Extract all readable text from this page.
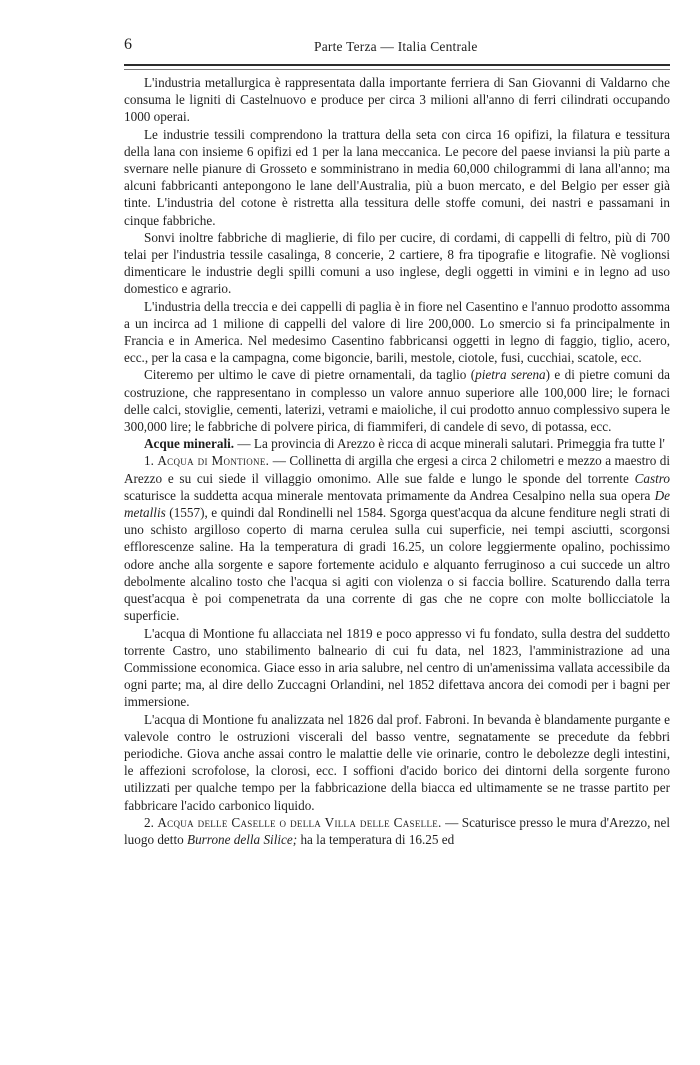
6	Parte Terza — Italia Centrale

L'industria metallurgica è rappresentata dalla importante ferriera di San Giovanni di Valdarno che consuma le ligniti di Castelnuovo e produce per circa 3 milioni all'anno di ferri cilindrati occupando 1000 operai.

Le industrie tessili comprendono la trattura della seta con circa 16 opifizi, la filatura e tessitura della lana con insieme 6 opifizi ed 1 per la lana meccanica. Le pecore del paese inviansi la più parte a svernare nelle pianure di Grosseto e somministrano in media 60,000 chilogrammi di lana all'anno; ma alcuni fabbricanti antepongono le lane dell'Australia, più a buon mercato, e del Belgio per esser già tinte. L'industria del cotone è ristretta alla tessitura delle stoffe comuni, dei nastri e passamani in cinque fabbriche.

Sonvi inoltre fabbriche di maglierie, di filo per cucire, di cordami, di cappelli di feltro, più di 700 telai per l'industria tessile casalinga, 8 concerie, 2 cartiere, 8 fra tipografie e litografie. Nè voglionsi dimenticare le industrie degli spilli comuni a uso inglese, degli oggetti in vimini e in legno ad uso domestico e agrario.

L'industria della treccia e dei cappelli di paglia è in fiore nel Casentino e l'annuo prodotto assomma a un incirca ad 1 milione di cappelli del valore di lire 200,000. Lo smercio si fa principalmente in Francia e in America. Nel medesimo Casentino fabbricansi oggetti in legno di faggio, tiglio, acero, ecc., per la casa e la campagna, come bigoncie, barili, mestole, ciotole, fusi, cucchiai, scatole, ecc.

Citeremo per ultimo le cave di pietre ornamentali, da taglio (pietra serena) e di pietre comuni da costruzione, che rappresentano in complesso un valore annuo superiore alle 100,000 lire; le fornaci delle calci, stoviglie, cementi, laterizi, vetrami e maioliche, il cui prodotto annuo complessivo supera le 300,000 lire; le fabbriche di polvere pirica, di fiammiferi, di candele di sevo, di potassa, ecc.

Acque minerali. — La provincia di Arezzo è ricca di acque minerali salutari. Primeggia fra tutte l'

1. Acqua di Montione. — Collinetta di argilla che ergesi a circa 2 chilometri e mezzo a maestro di Arezzo e su cui siede il villaggio omonimo. Alle sue falde e lungo le sponde del torrente Castro scaturisce la suddetta acqua minerale mentovata primamente da Andrea Cesalpino nella sua opera De metallis (1557), e quindi dal Rondinelli nel 1584. Sgorga quest'acqua da alcune fenditure negli strati di uno schisto argilloso coperto di marna cerulea sulla cui superficie, nei tempi asciutti, scorgonsi efflorescenze saline. Ha la temperatura di gradi 16.25, un colore leggiermente opalino, pochissimo odore anche alla sorgente e sapore fortemente acidulo e alquanto ferruginoso a cui succede un altro debolmente alcalino tosto che l'acqua si agiti con violenza o si faccia bollire. Scaturendo dalla terra quest'acqua è poi compenetrata da una corrente di gas che ne copre con molte bollicciatole la superficie.

L'acqua di Montione fu allacciata nel 1819 e poco appresso vi fu fondato, sulla destra del suddetto torrente Castro, uno stabilimento balneario di cui fu data, nel 1823, l'amministrazione ad una Commissione economica. Giace esso in aria salubre, nel centro di un'amenissima vallata accessibile da ogni parte; ma, al dire dello Zuccagni Orlandini, nel 1852 difettava ancora dei comodi per i bagni per immersione.

L'acqua di Montione fu analizzata nel 1826 dal prof. Fabroni. In bevanda è blandamente purgante e valevole contro le ostruzioni viscerali del basso ventre, segnatamente se precedute da febbri periodiche. Giova anche assai contro le malattie delle vie orinarie, contro le debolezze degli intestini, le affezioni scrofolose, la clorosi, ecc. I soffioni d'acido borico dei dintorni della sorgente furono utilizzati per qualche tempo per la fabbricazione della biacca ed ultimamente se ne trasse partito per fabbricare l'acido carbonico liquido.

2. Acqua delle Caselle o della Villa delle Caselle. — Scaturisce presso le mura d'Arezzo, nel luogo detto Burrone della Silice; ha la temperatura di 16.25 ed
